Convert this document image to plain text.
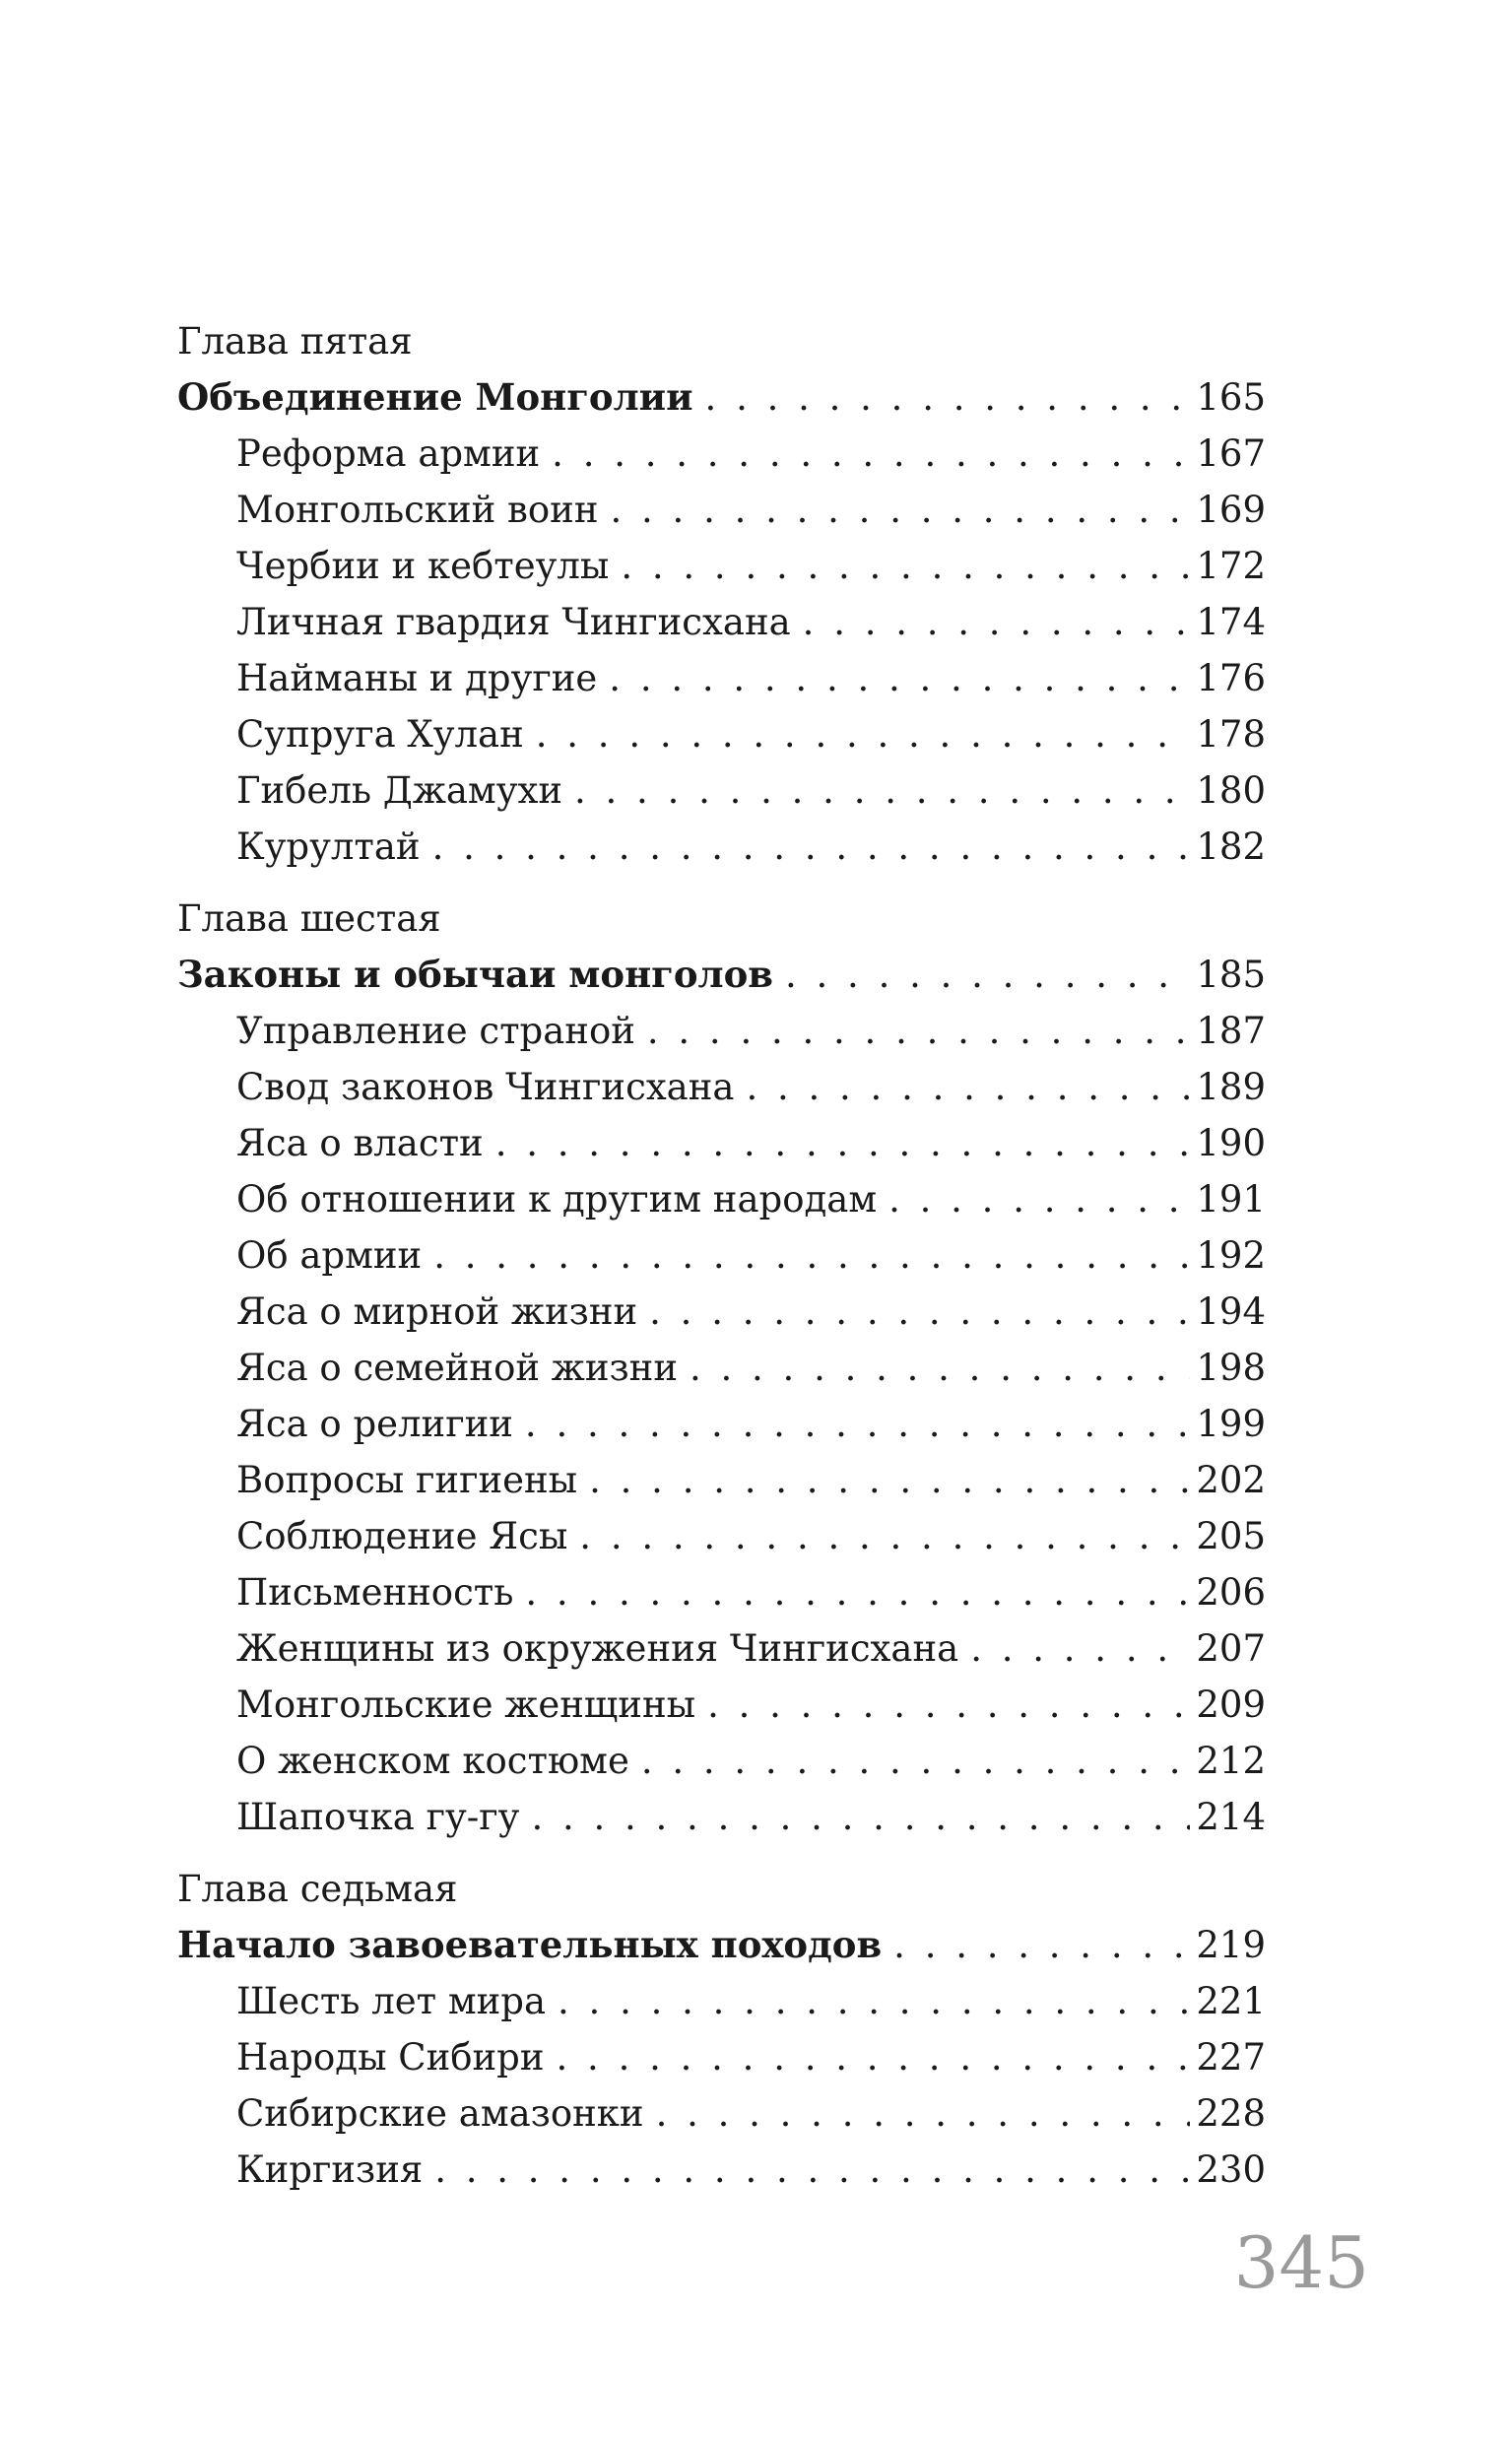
Глава пятая
Объединение Монголии . . .	165
Реформа армии . . .	167
Монгольский воин . . .	169
Чербии и кебтеулы . . .	172
Личная гвардия Чингисхана . . .	174
Найманы и другие . . .	176
Супруга Хулан . . .	178
Гибель Джамухи . . .	180
Курултай . . .	182
Глава шестая
Законы и обычаи монголов . . .	185
Управление страной . . .	187
Свод законов Чингисхана . . .	189
Яса о власти . . .	190
Об отношении к другим народам . . .	191
Об армии . . .	192
Яса о мирной жизни . . .	194
Яса о семейной жизни . . .	198
Яса о религии . . .	199
Вопросы гигиены . . .	202
Соблюдение Ясы . . .	205
Письменность . . .	206
Женщины из окружения Чингисхана . . .	207
Монгольские женщины . . .	209
О женском костюме . . .	212
Шапочка гу-гу . . .	214
Глава седьмая
Начало завоевательных походов . . .	219
Шесть лет мира . . .	221
Народы Сибири . . .	227
Сибирские амазонки . . .	228
Киргизия . . .	230
345
